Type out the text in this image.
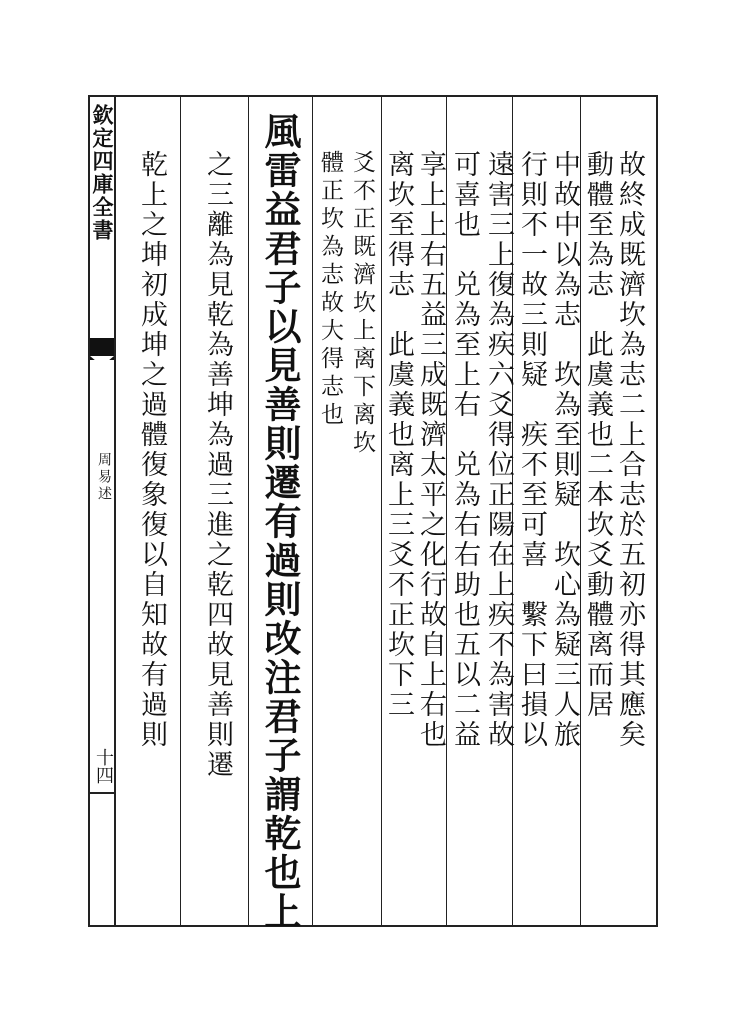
欽定四庫全書
周易述
十四
故終成既濟坎為志二上合志於五初亦得其應矣
動體至為志　此虞義也二本坎爻動體离而居
中故中以為志　坎為至則疑　坎心為疑三人旅
行則不一故三則疑　疾不至可喜　繫下曰損以
遠害三上復為疾六爻得位正陽在上疾不為害故
可喜也　兑為至上右　兑為右右助也五以二益
享上上右五益三成既濟太平之化行故自上右也
离坎至得志　此虞義也离上三爻不正坎下三
爻不正既濟坎上离下离坎
體正坎為志故大得志也
風雷益君子以見善則遷有過則改注君子謂乾也上
之三離為見乾為善坤為過三進之乾四故見善則遷
乾上之坤初成坤之過體復象復以自知故有過則
